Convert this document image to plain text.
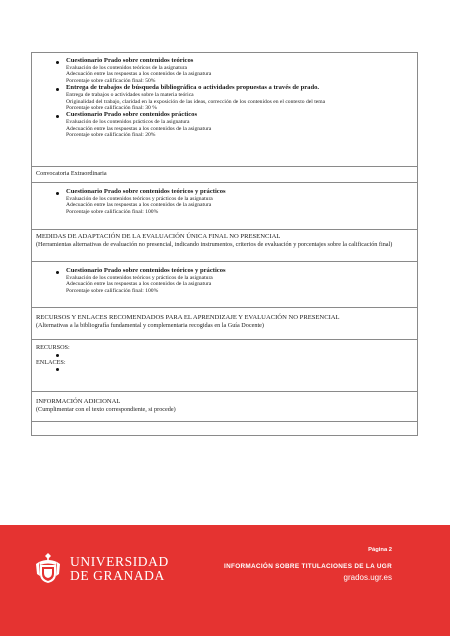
Cuestionario Prado sobre contenidos teóricos
Evaluación de los contenidos teóricos de la asignatura
Adecuación entre las respuestas a los contenidos de la asignatura
Porcentaje sobre calificación final: 50%
Entrega de trabajos de búsqueda bibliográfica o actividades propuestas a través de prado.
Entrega de trabajos o actividades sobre la materia teórica
Originalidad del trabajo, claridad en la exposición de las ideas, corrección de los contenidos en el contexto del tema
Porcentaje sobre calificación final: 30 %
Cuestionario Prado sobre contenidos prácticos
Evaluación de los contenidos prácticos de la asignatura
Adecuación entre las respuestas a los contenidos de la asignatura
Porcentaje sobre calificación final: 20%
Convocatoria Extraordinaria
Cuestionario Prado sobre contenidos teóricos y prácticos
Evaluación de los contenidos teóricos y prácticos de la asignatura
Adecuación entre las respuestas a los contenidos de la asignatura
Porcentaje sobre calificación final: 100%
MEDIDAS DE ADAPTACIÓN DE LA EVALUACIÓN ÚNICA FINAL NO PRESENCIAL
(Herramientas alternativas de evaluación no presencial, indicando instrumentos, criterios de evaluación y porcentajes sobre la calificación final)
Cuestionario Prado sobre contenidos teóricos y prácticos
Evaluación de los contenidos teóricos y prácticos de la asignatura
Adecuación entre las respuestas a los contenidos de la asignatura
Porcentaje sobre calificación final: 100%
RECURSOS Y ENLACES RECOMENDADOS PARA EL APRENDIZAJE Y EVALUACIÓN NO PRESENCIAL
(Alternativas a la bibliografía fundamental y complementaria recogidas en la Guía Docente)
RECURSOS:
ENLACES:
INFORMACIÓN ADICIONAL
(Cumplimentar con el texto correspondiente, si procede)
UNIVERSIDAD
DE GRANADA
Página 2
INFORMACIÓN SOBRE TITULACIONES DE LA UGR
grados.ugr.es
